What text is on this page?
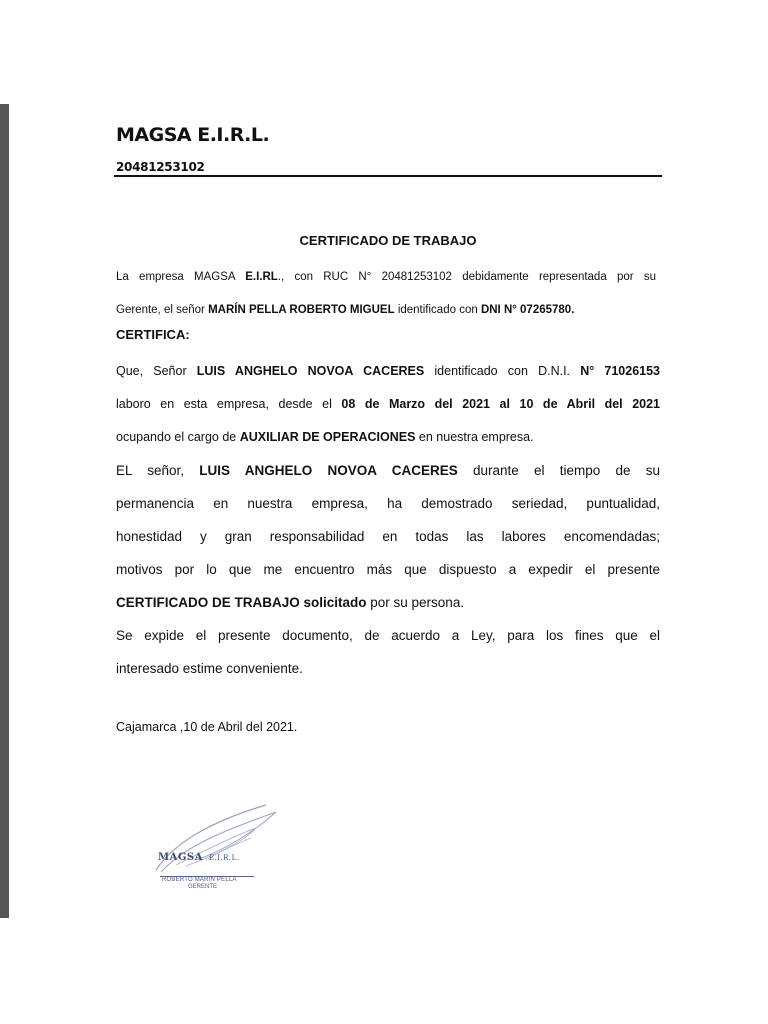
MAGSA E.I.R.L.
20481253102
CERTIFICADO DE TRABAJO
La empresa MAGSA E.I.RL., con RUC N° 20481253102 debidamente representada por su
Gerente, el señor MARÍN PELLA ROBERTO MIGUEL identificado con DNI N° 07265780.
CERTIFICA:
Que, Señor LUIS ANGHELO NOVOA CACERES identificado con D.N.I. N° 71026153
laboro en esta empresa, desde el 08 de Marzo del 2021 al 10 de Abril del 2021
ocupando el cargo de AUXILIAR DE OPERACIONES en nuestra empresa.
EL señor, LUIS ANGHELO NOVOA CACERES durante el tiempo de su
permanencia en nuestra empresa, ha demostrado seriedad, puntualidad,
honestidad y gran responsabilidad en todas las labores encomendadas;
motivos por lo que me encuentro más que dispuesto a expedir el presente
CERTIFICADO DE TRABAJO solicitado por su persona.
Se expide el presente documento, de acuerdo a Ley, para los fines que el
interesado estime conveniente.
Cajamarca ,10 de Abril del 2021.
MAGSA E.I.R.L.
ROBERTO MARIN PELLA
GERENTE
